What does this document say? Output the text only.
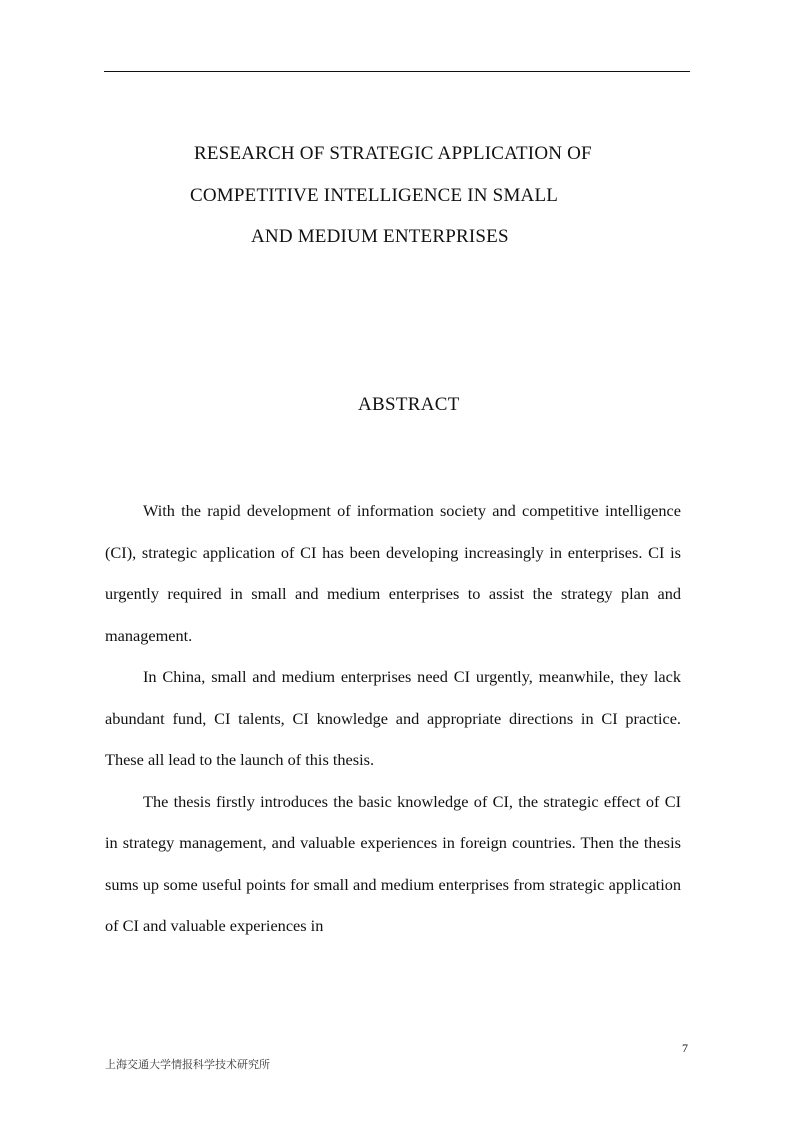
RESEARCH OF STRATEGIC APPLICATION OF
COMPETITIVE INTELLIGENCE IN SMALL
AND MEDIUM ENTERPRISES
ABSTRACT

With the rapid development of information society and competitive intelligence (CI), strategic application of CI has been developing increasingly in enterprises. CI is urgently required in small and medium enterprises to assist the strategy plan and management.

In China, small and medium enterprises need CI urgently, meanwhile, they lack abundant fund, CI talents, CI knowledge and appropriate directions in CI practice. These all lead to the launch of this thesis.

The thesis firstly introduces the basic knowledge of CI, the strategic effect of CI in strategy management, and valuable experiences in foreign countries. Then the thesis sums up some useful points for small and medium enterprises from strategic application of CI and valuable experiences in

7
上海交通大学情报科学技术研究所
